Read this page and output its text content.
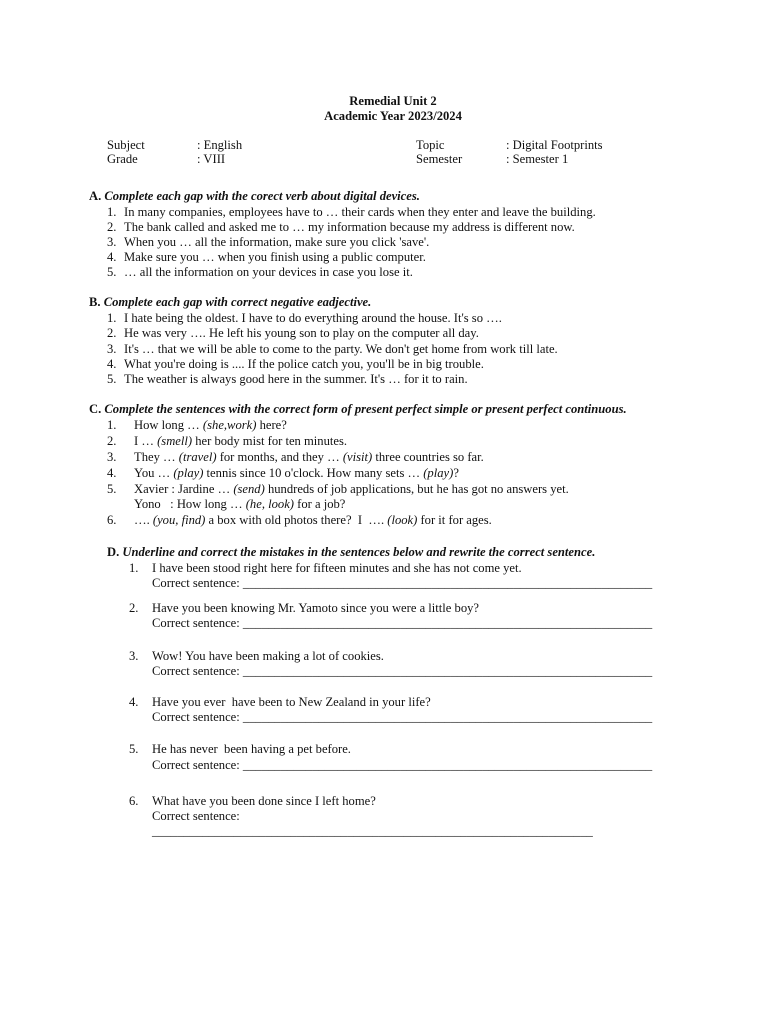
Remedial Unit 2
Academic Year 2023/2024
Subject	: English	Topic	: Digital Footprints
Grade	: VIII	Semester	: Semester 1
A. Complete each gap with the corect verb about digital devices.
1. In many companies, employees have to … their cards when they enter and leave the building.
2. The bank called and asked me to … my information because my address is different now.
3. When you … all the information, make sure you click 'save'.
4. Make sure you … when you finish using a public computer.
5. … all the information on your devices in case you lose it.
B. Complete each gap with correct negative eadjective.
1. I hate being the oldest. I have to do everything around the house. It's so ….
2. He was very …. He left his young son to play on the computer all day.
3. It's … that we will be able to come to the party. We don't get home from work till late.
4. What you're doing is .... If the police catch you, you'll be in big trouble.
5. The weather is always good here in the summer. It's … for it to rain.
C. Complete the sentences with the correct form of present perfect simple or present perfect continuous.
1. How long … (she,work) here?
2. I … (smell) her body mist for ten minutes.
3. They … (travel) for months, and they … (visit) three countries so far.
4. You … (play) tennis since 10 o'clock. How many sets … (play)?
5. Xavier : Jardine … (send) hundreds of job applications, but he has got no answers yet.
Yono   : How long … (he, look) for a job?
6. …. (you, find) a box with old photos there?  I  …. (look) for it for ages.
D. Underline and correct the mistakes in the sentences below and rewrite the correct sentence.
1. I have been stood right here for fifteen minutes and she has not come yet.
Correct sentence: _________________________________________________________________
2. Have you been knowing Mr. Yamoto since you were a little boy?
Correct sentence: _________________________________________________________________
3. Wow! You have been making a lot of cookies.
Correct sentence: _________________________________________________________________
4. Have you ever  have been to New Zealand in your life?
Correct sentence: _________________________________________________________________
5. He has never  been having a pet before.
Correct sentence: _________________________________________________________________
6. What have you been done since I left home?
Correct sentence:
______________________________________________________________________
